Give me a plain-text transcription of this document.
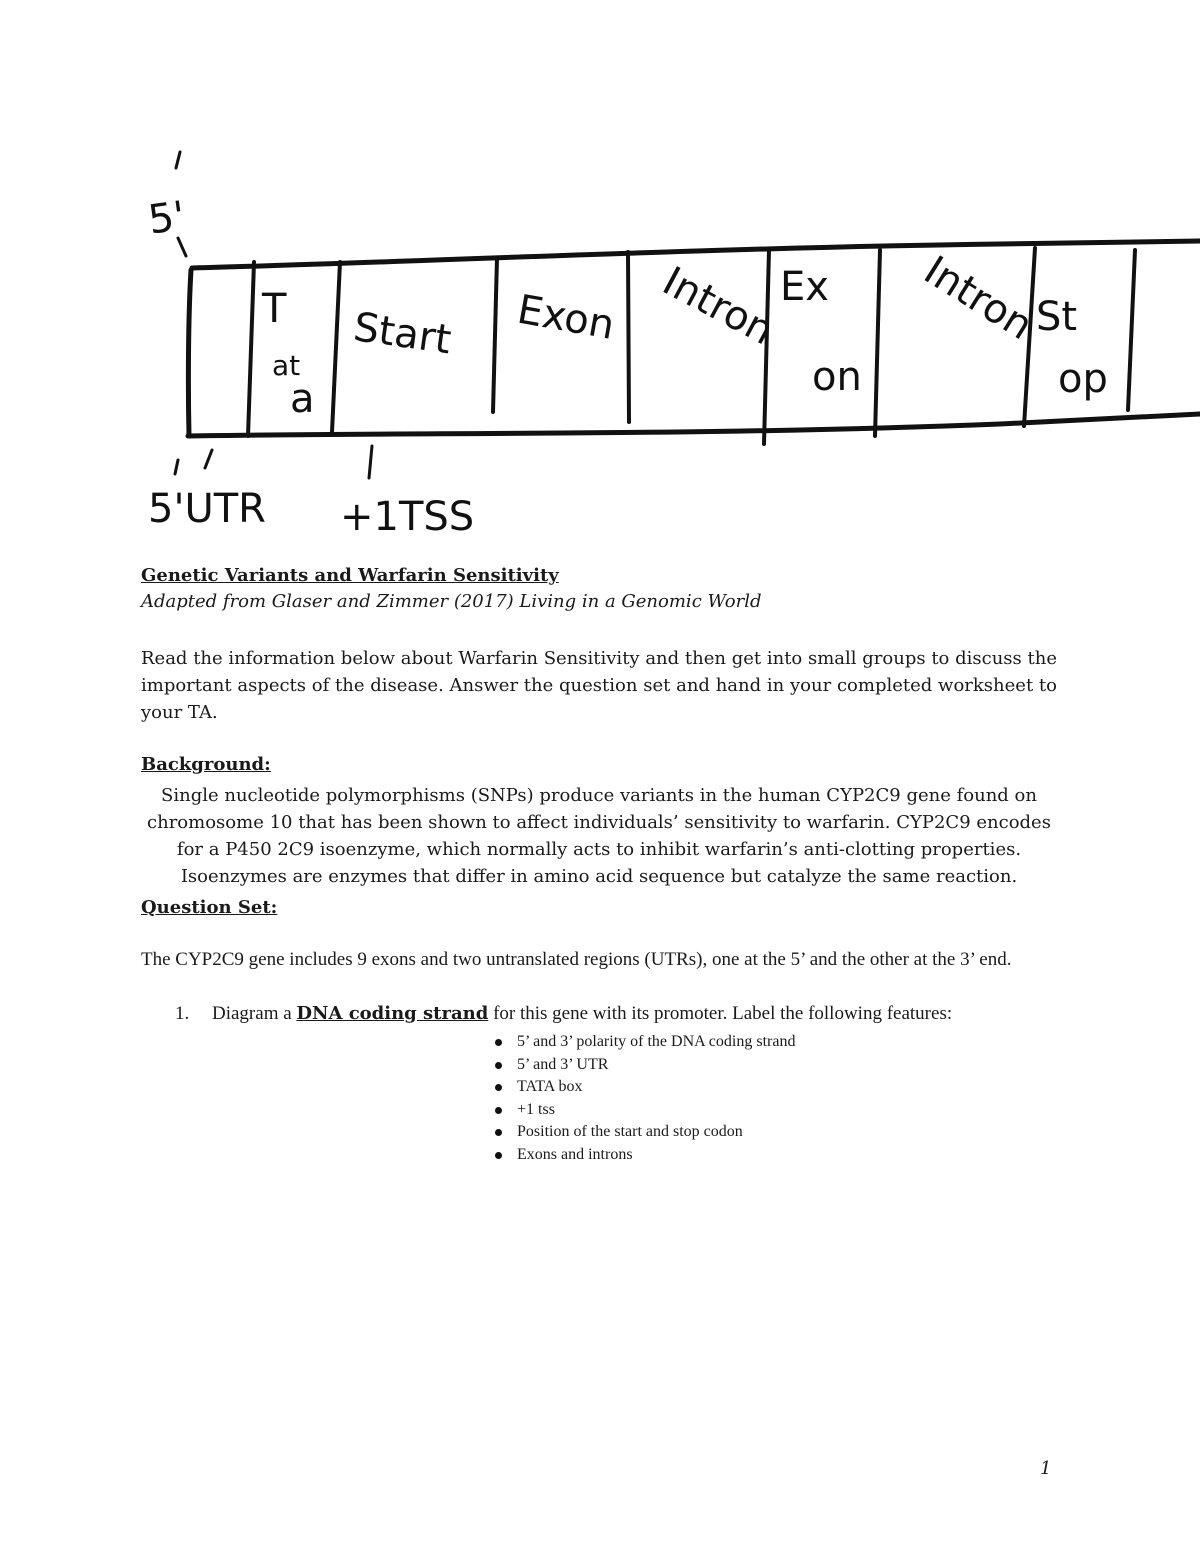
5'
T
at
a
Start Exon Intron
Ex
on
Intron
St
op
5'UTR +1TSS

Genetic Variants and Warfarin Sensitivity

Adapted from Glaser and Zimmer (2017) Living in a Genomic World

Read the information below about Warfarin Sensitivity and then get into small groups to discuss the important aspects of the disease. Answer the question set and hand in your completed worksheet to your TA.

Background:

Single nucleotide polymorphisms (SNPs) produce variants in the human CYP2C9 gene found on chromosome 10 that has been shown to affect individuals’ sensitivity to warfarin. CYP2C9 encodes for a P450 2C9 isoenzyme, which normally acts to inhibit warfarin’s anti-clotting properties. Isoenzymes are enzymes that differ in amino acid sequence but catalyze the same reaction.

Question Set:

The CYP2C9 gene includes 9 exons and two untranslated regions (UTRs), one at the 5’ and the other at the 3’ end.

1. Diagram a DNA coding strand for this gene with its promoter. Label the following features:
5’ and 3’ polarity of the DNA coding strand
5’ and 3’ UTR
TATA box
+1 tss
Position of the start and stop codon
Exons and introns
1
